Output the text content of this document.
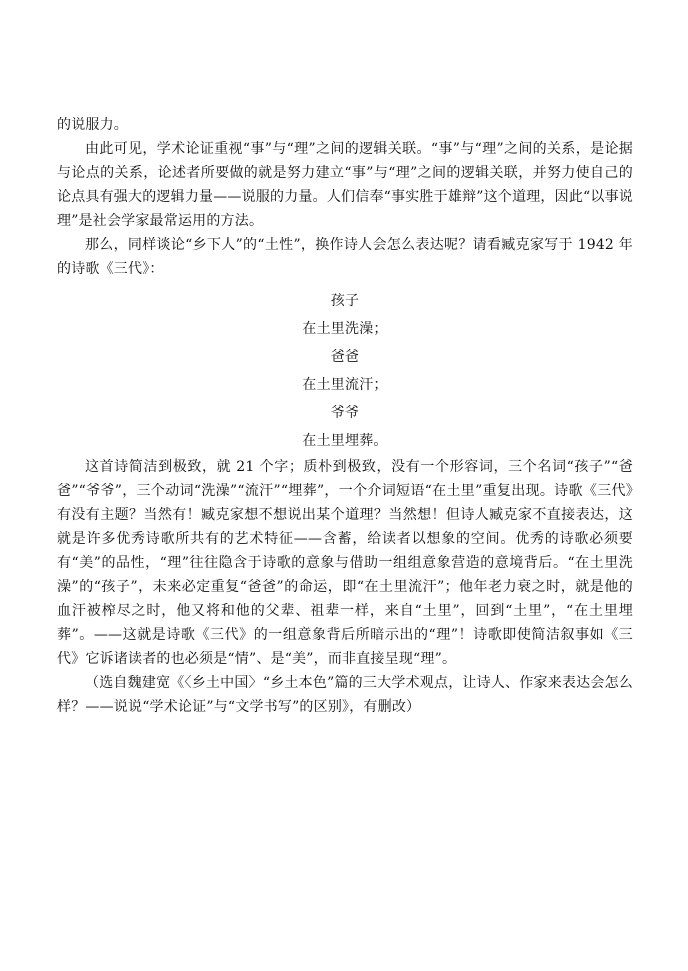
的说服力。

由此可见，学术论证重视“事”与“理”之间的逻辑关联。“事”与“理”之间的关系，是论据与论点的关系，论述者所要做的就是努力建立“事”与“理”之间的逻辑关联，并努力使自己的论点具有强大的逻辑力量——说服的力量。人们信奉“事实胜于雄辩”这个道理，因此“以事说理”是社会学家最常运用的方法。

那么，同样谈论“乡下人”的“土性”，换作诗人会怎么表达呢？请看臧克家写于 1942 年的诗歌《三代》：

孩子
在土里洗澡；
爸爸
在土里流汗；
爷爷
在土里埋葬。

这首诗简洁到极致，就 21 个字；质朴到极致，没有一个形容词，三个名词“孩子”“爸爸”“爷爷”，三个动词“洗澡”“流汗”“埋葬”，一个介词短语“在土里”重复出现。诗歌《三代》有没有主题？当然有！臧克家想不想说出某个道理？当然想！但诗人臧克家不直接表达，这就是许多优秀诗歌所共有的艺术特征——含蓄，给读者以想象的空间。优秀的诗歌必须要有“美”的品性，“理”往往隐含于诗歌的意象与借助一组组意象营造的意境背后。“在土里洗澡”的“孩子”，未来必定重复“爸爸”的命运，即“在土里流汗”；他年老力衰之时，就是他的血汗被榨尽之时，他又将和他的父辈、祖辈一样，来自“土里”，回到“土里”，“在土里埋葬”。——这就是诗歌《三代》的一组意象背后所暗示出的“理”！诗歌即使简洁叙事如《三代》它诉诸读者的也必须是“情”、是“美”，而非直接呈现“理”。

（选自魏建宽《〈乡土中国〉“乡土本色”篇的三大学术观点，让诗人、作家来表达会怎么样？——说说“学术论证”与“文学书写”的区别》，有删改）
